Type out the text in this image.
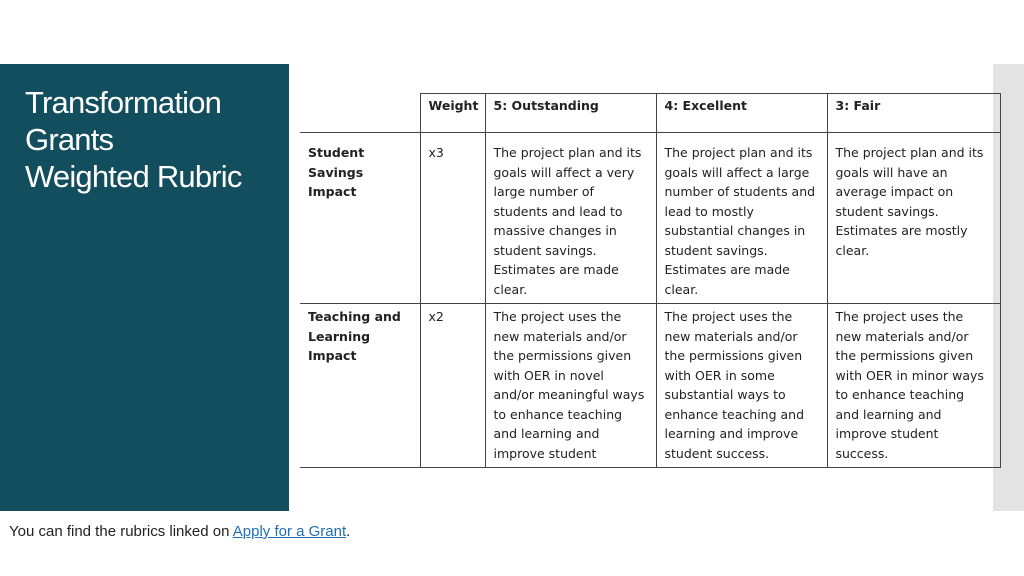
Transformation
Grants
Weighted Rubric
	Weight	5: Outstanding	4: Excellent	3: Fair
Student Savings Impact	x3	The project plan and its goals will affect a very large number of students and lead to massive changes in student savings. Estimates are made clear.	The project plan and its goals will affect a large number of students and lead to mostly substantial changes in student savings. Estimates are made clear.	The project plan and its goals will have an average impact on student savings. Estimates are mostly clear.
Teaching and Learning Impact	x2	The project uses the new materials and/or the permissions given with OER in novel and/or meaningful ways to enhance teaching and learning and improve student	The project uses the new materials and/or the permissions given with OER in some substantial ways to enhance teaching and learning and improve student success.	The project uses the new materials and/or the permissions given with OER in minor ways to enhance teaching and learning and improve student success.
You can find the rubrics linked on Apply for a Grant.
